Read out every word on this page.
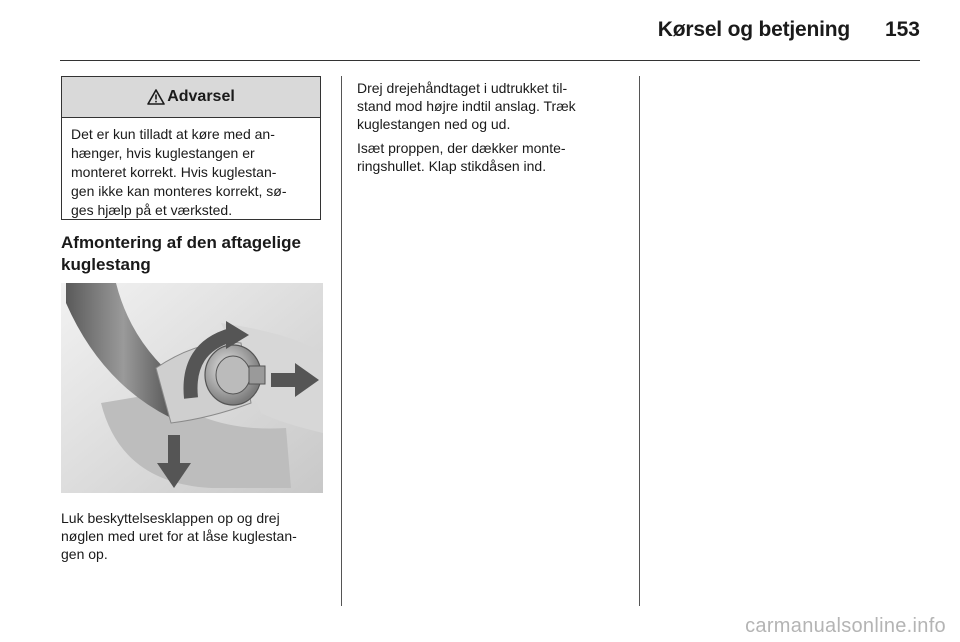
Kørsel og betjening 153
Advarsel
Det er kun tilladt at køre med an-
hænger, hvis kuglestangen er
monteret korrekt. Hvis kuglestan-
gen ikke kan monteres korrekt, sø-
ges hjælp på et værksted.
Afmontering af den aftagelige
kuglestang

Luk beskyttelsesklappen op og drej
nøglen med uret for at låse kuglestan-
gen op.

Drej drejehåndtaget i udtrukket til-
stand mod højre indtil anslag. Træk
kuglestangen ned og ud.

Isæt proppen, der dækker monte-
ringshullet. Klap stikdåsen ind.

carmanualsonline.info
